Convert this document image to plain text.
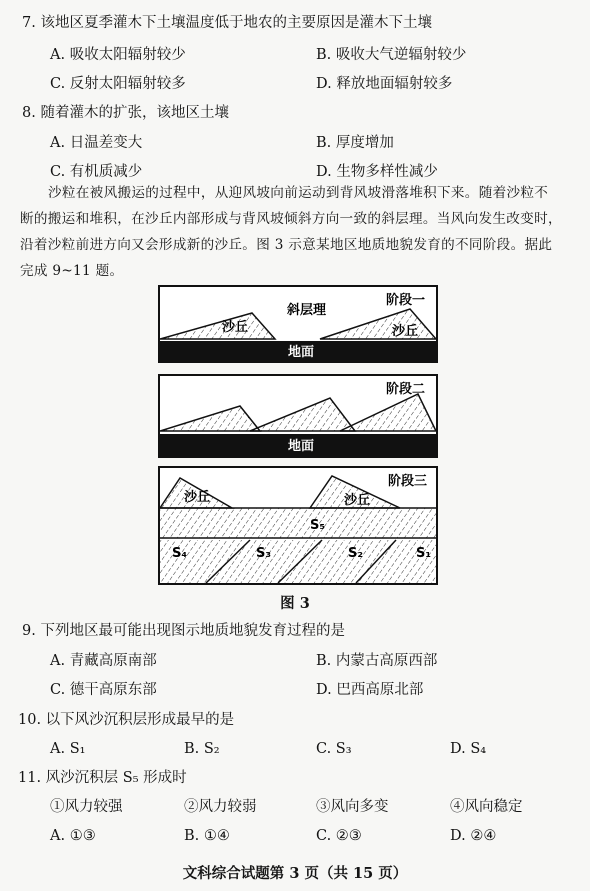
7. 该地区夏季灌木下土壤温度低于地农的主要原因是灌木下土壤
A. 吸收太阳辐射较少	B. 吸收大气逆辐射较少
C. 反射太阳辐射较多	D. 释放地面辐射较多
8. 随着灌木的扩张，该地区土壤
A. 日温差变大	B. 厚度增加
C. 有机质减少	D. 生物多样性减少
沙粒在被风搬运的过程中，从迎风坡向前运动到背风坡滑落堆积下来。随着沙粒不
断的搬运和堆积，在沙丘内部形成与背风坡倾斜方向一致的斜层理。当风向发生改变时，
沿着沙粒前进方向又会形成新的沙丘。图 3 示意某地区地质地貌发育的不同阶段。据此
完成 9~11 题。
地面
沙丘	沙丘
斜层理
阶段一
地面
阶段二
沙丘	沙丘
阶段三
S₅
S₄	S₃	S₂	S₁
图 3
9. 下列地区最可能出现图示地质地貌发育过程的是
A. 青藏高原南部	B. 内蒙古高原西部
C. 德干高原东部	D. 巴西高原北部
10. 以下风沙沉积层形成最早的是
A. S₁	B. S₂	C. S₃	D. S₄
11. 风沙沉积层 S₅ 形成时
①风力较强	②风力较弱	③风向多变	④风向稳定
A. ①③	B. ①④	C. ②③	D. ②④
文科综合试题第 3 页（共 15 页）
